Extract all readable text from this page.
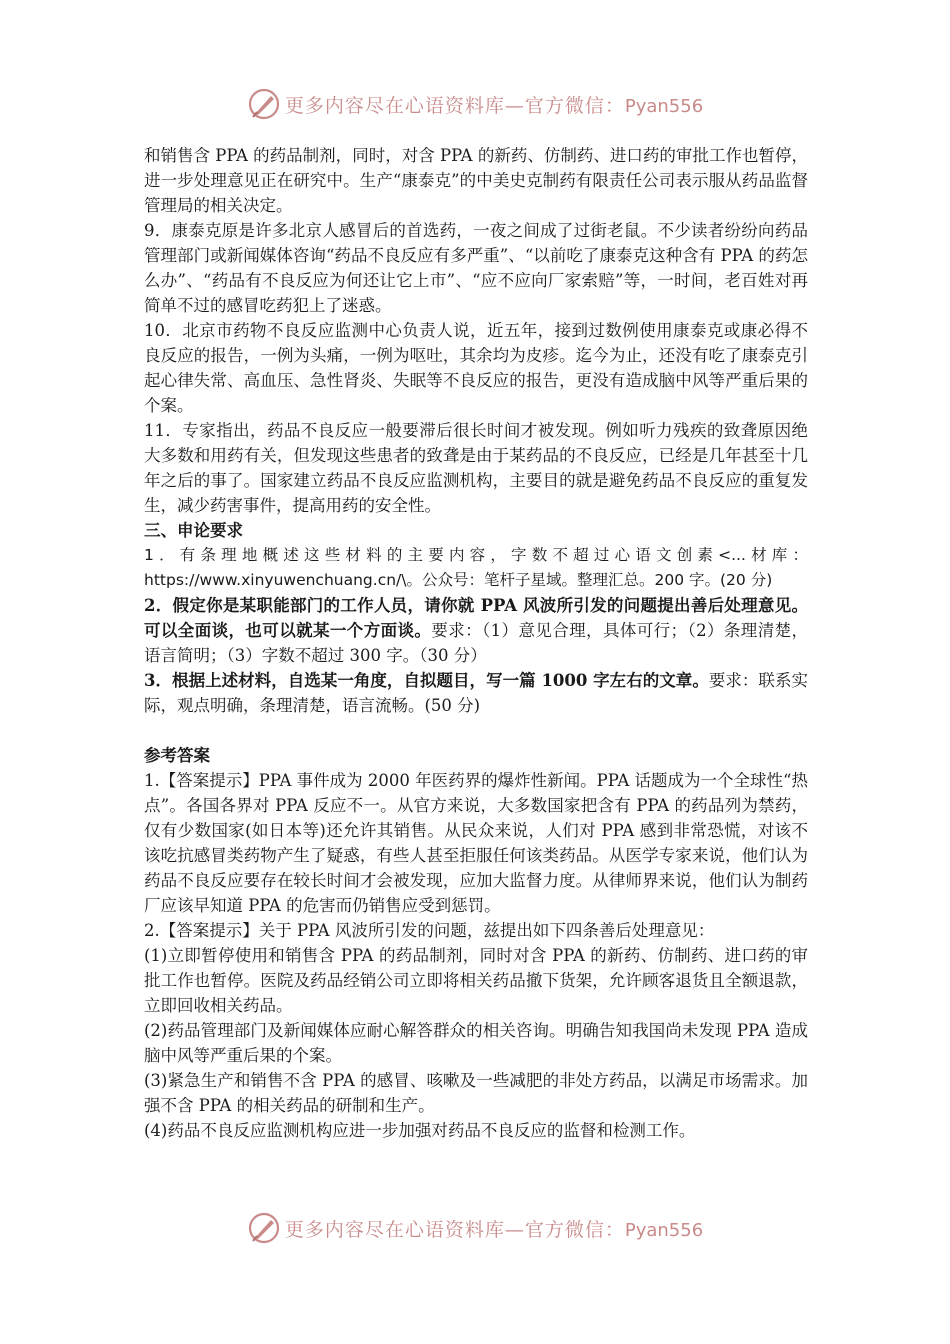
更多内容尽在心语资料库—官方微信：Pyan556

和销售含 PPA 的药品制剂，同时，对含 PPA 的新药、仿制药、进口药的审批工作也暂停，进一步处理意见正在研究中。生产“康泰克”的中美史克制药有限责任公司表示服从药品监督管理局的相关决定。

9．康泰克原是许多北京人感冒后的首选药，一夜之间成了过街老鼠。不少读者纷纷向药品管理部门或新闻媒体咨询“药品不良反应有多严重”、“以前吃了康泰克这种含有 PPA 的药怎么办”、“药品有不良反应为何还让它上市”、“应不应向厂家索赔”等，一时间，老百姓对再简单不过的感冒吃药犯上了迷惑。

10．北京市药物不良反应监测中心负责人说，近五年，接到过数例使用康泰克或康必得不良反应的报告，一例为头痛，一例为呕吐，其余均为皮疹。迄今为止，还没有吃了康泰克引起心律失常、高血压、急性肾炎、失眠等不良反应的报告，更没有造成脑中风等严重后果的个案。

11．专家指出，药品不良反应一般要滞后很长时间才被发现。例如听力残疾的致聋原因绝大多数和用药有关，但发现这些患者的致聋是由于某药品的不良反应，已经是几年甚至十几年之后的事了。国家建立药品不良反应监测机构，主要目的就是避免药品不良反应的重复发生，减少药害事件，提高用药的安全性。

三、申论要求

1．有条理地概述这些材料的主要内容，字数不超过心语文创素<...材库：https://www.xinyuwenchuang.cn/\。公众号：笔杆子星域。整理汇总。200 字。(20 分)

2．假定你是某职能部门的工作人员，请你就 PPA 风波所引发的问题提出善后处理意见。可以全面谈，也可以就某一个方面谈。要求：（1）意见合理，具体可行；（2）条理清楚，语言简明；（3）字数不超过 300 字。（30 分）

3．根据上述材料，自选某一角度，自拟题目，写一篇 1000 字左右的文章。要求：联系实际，观点明确，条理清楚，语言流畅。(50 分)

参考答案

1.【答案提示】PPA 事件成为 2000 年医药界的爆炸性新闻。PPA 话题成为一个全球性“热点”。各国各界对 PPA 反应不一。从官方来说，大多数国家把含有 PPA 的药品列为禁药，仅有少数国家(如日本等)还允许其销售。从民众来说，人们对 PPA 感到非常恐慌，对该不该吃抗感冒类药物产生了疑惑，有些人甚至拒服任何该类药品。从医学专家来说，他们认为药品不良反应要存在较长时间才会被发现，应加大监督力度。从律师界来说，他们认为制药厂应该早知道 PPA 的危害而仍销售应受到惩罚。

2.【答案提示】关于 PPA 风波所引发的问题，兹提出如下四条善后处理意见：

(1)立即暂停使用和销售含 PPA 的药品制剂，同时对含 PPA 的新药、仿制药、进口药的审批工作也暂停。医院及药品经销公司立即将相关药品撤下货架，允许顾客退货且全额退款，立即回收相关药品。

(2)药品管理部门及新闻媒体应耐心解答群众的相关咨询。明确告知我国尚未发现 PPA 造成脑中风等严重后果的个案。

(3)紧急生产和销售不含 PPA 的感冒、咳嗽及一些减肥的非处方药品，以满足市场需求。加强不含 PPA 的相关药品的研制和生产。

(4)药品不良反应监测机构应进一步加强对药品不良反应的监督和检测工作。

更多内容尽在心语资料库—官方微信：Pyan556
